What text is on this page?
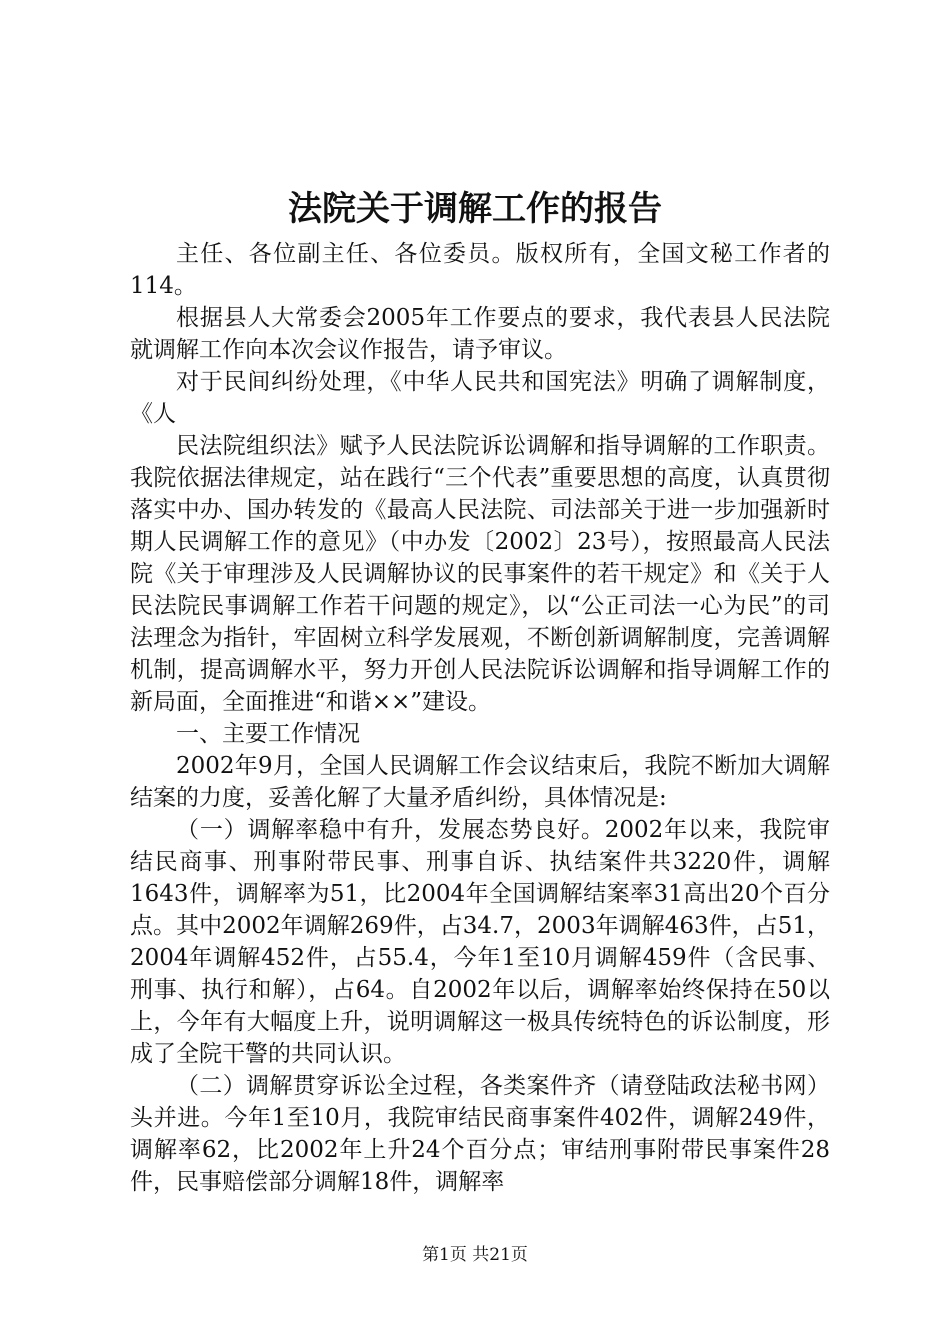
法院关于调解工作的报告

主任、各位副主任、各位委员。版权所有，全国文秘工作者的114。

根据县人大常委会2005年工作要点的要求，我代表县人民法院就调解工作向本次会议作报告，请予审议。

对于民间纠纷处理，《中华人民共和国宪法》明确了调解制度，《人

民法院组织法》赋予人民法院诉讼调解和指导调解的工作职责。我院依据法律规定，站在践行“三个代表”重要思想的高度，认真贯彻落实中办、国办转发的《最高人民法院、司法部关于进一步加强新时期人民调解工作的意见》（中办发〔2002〕23号），按照最高人民法院《关于审理涉及人民调解协议的民事案件的若干规定》和《关于人民法院民事调解工作若干问题的规定》，以“公正司法一心为民”的司法理念为指针，牢固树立科学发展观，不断创新调解制度，完善调解机制，提高调解水平，努力开创人民法院诉讼调解和指导调解工作的新局面，全面推进“和谐××”建设。

一、主要工作情况

2002年9月，全国人民调解工作会议结束后，我院不断加大调解结案的力度，妥善化解了大量矛盾纠纷，具体情况是:

（一）调解率稳中有升，发展态势良好。2002年以来，我院审结民商事、刑事附带民事、刑事自诉、执结案件共3220件，调解1643件，调解率为51，比2004年全国调解结案率31高出20个百分点。其中2002年调解269件，占34.7，2003年调解463件，占51，2004年调解452件，占55.4，今年1至10月调解459件（含民事、刑事、执行和解），占64。自2002年以后，调解率始终保持在50以上，今年有大幅度上升，说明调解这一极具传统特色的诉讼制度，形成了全院干警的共同认识。

（二）调解贯穿诉讼全过程，各类案件齐（请登陆政法秘书网）头并进。今年1至10月，我院审结民商事案件402件，调解249件，调解率62，比2002年上升24个百分点；审结刑事附带民事案件28件，民事赔偿部分调解18件，调解率

第1页 共21页
